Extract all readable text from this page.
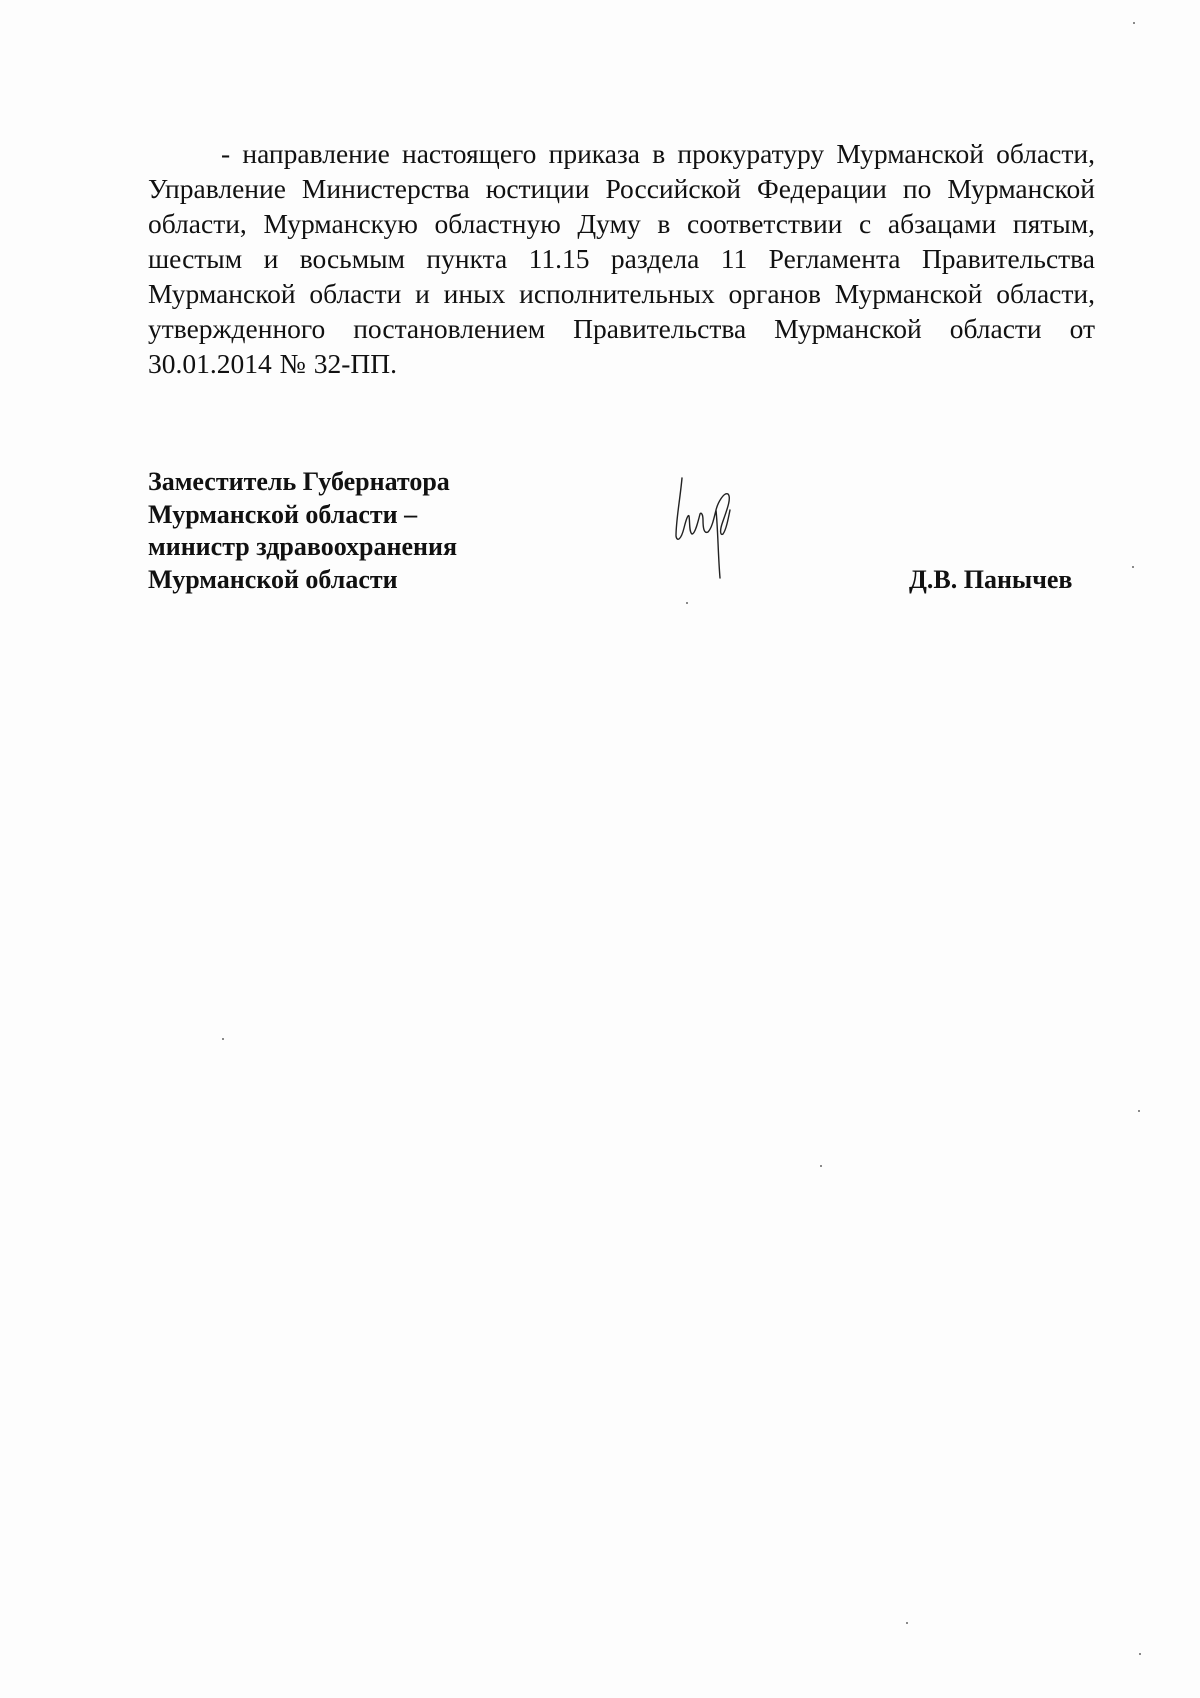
- направление настоящего приказа в прокуратуру Мурманской области, Управление Министерства юстиции Российской Федерации по Мурманской области, Мурманскую областную Думу в соответствии с абзацами пятым, шестым и восьмым пункта 11.15 раздела 11 Регламента Правительства Мурманской области и иных исполнительных органов Мурманской области, утвержденного постановлением Правительства Мурманской области от 30.01.2014 № 32-ПП.
Заместитель Губернатора
Мурманской области –
министр здравоохранения
Мурманской области	Д.В. Панычев
